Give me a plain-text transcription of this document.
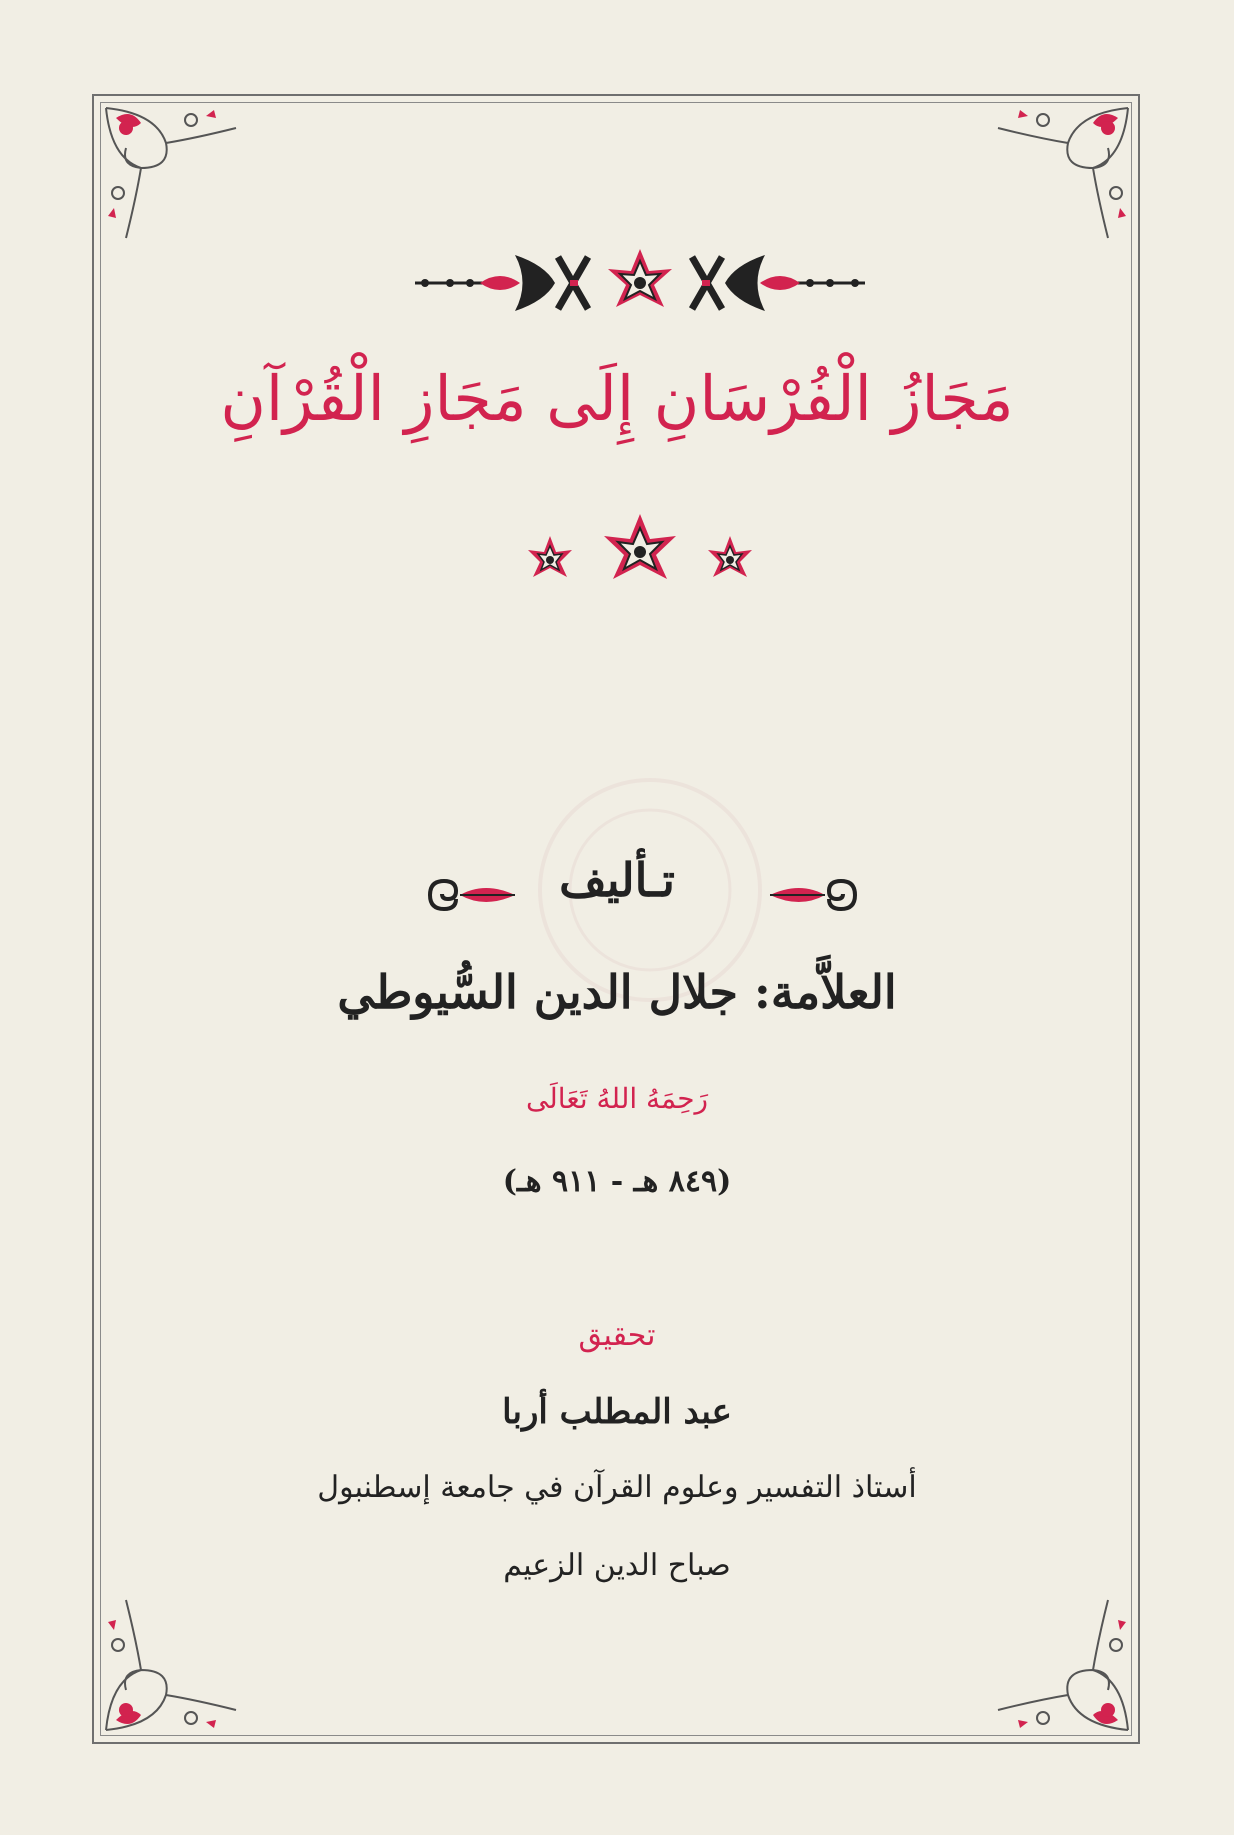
مَجَازُ الْفُرْسَانِ إِلَى مَجَازِ الْقُرْآنِ
تـأليف
العلاَّمة: جلال الدين السُّيوطي
رَحِمَهُ اللهُ تَعَالَى
(٨٤٩ هـ - ٩١١ هـ)
تحقيق
عبد المطلب أربا
أستاذ التفسير وعلوم القرآن في جامعة إسطنبول
صباح الدين الزعيم
